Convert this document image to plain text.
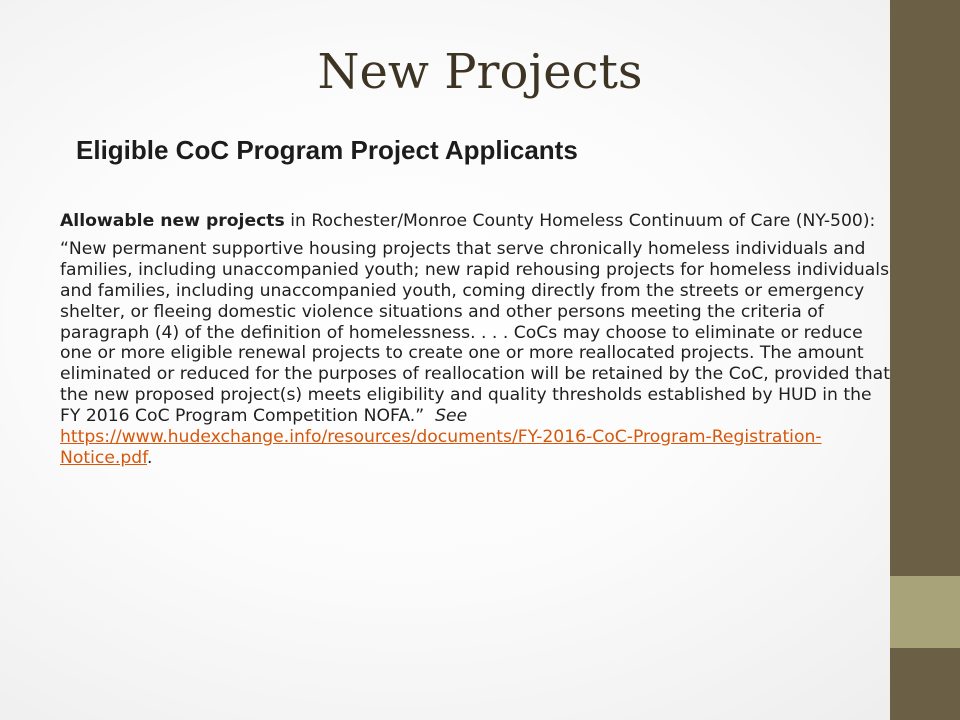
New Projects
Eligible CoC Program Project Applicants

Allowable new projects in Rochester/Monroe County Homeless Continuum of Care (NY-500):

“New permanent supportive housing projects that serve chronically homeless individuals and families, including unaccompanied youth; new rapid rehousing projects for homeless individuals and families, including unaccompanied youth, coming directly from the streets or emergency shelter, or fleeing domestic violence situations and other persons meeting the criteria of paragraph (4) of the definition of homelessness. . . . CoCs may choose to eliminate or reduce one or more eligible renewal projects to create one or more reallocated projects. The amount eliminated or reduced for the purposes of reallocation will be retained by the CoC, provided that the new proposed project(s) meets eligibility and quality thresholds established by HUD in the FY 2016 CoC Program Competition NOFA.” See https://www.hudexchange.info/resources/documents/FY-2016-CoC-Program-Registration-Notice.pdf.
